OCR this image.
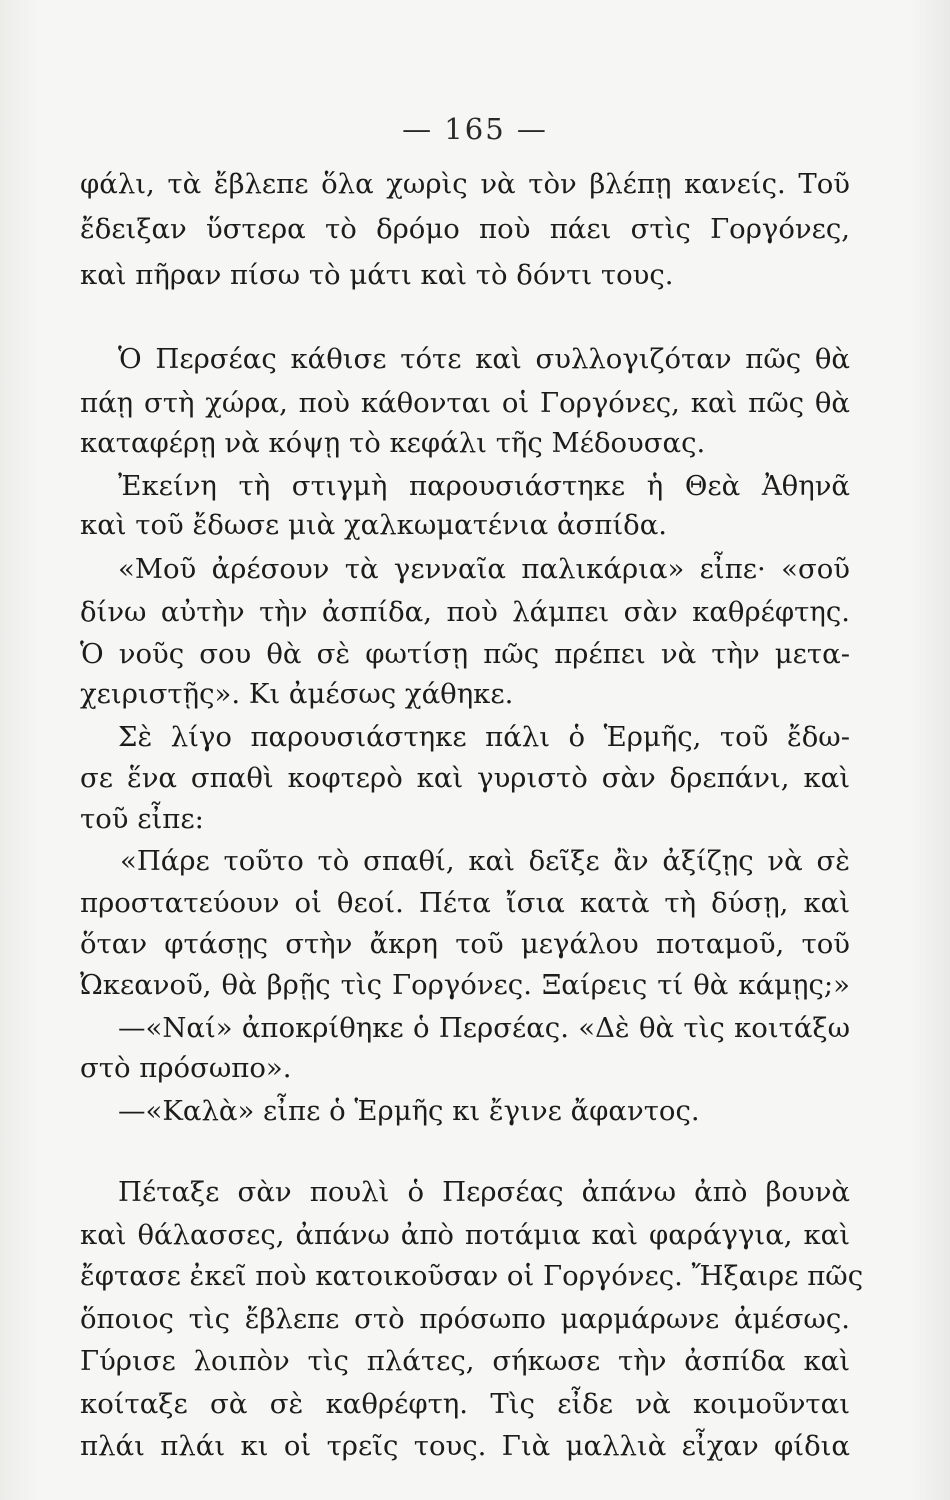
— 165 —
φάλι, τὰ ἔβλεπε ὅλα χωρὶς νὰ τὸν βλέπῃ κανείς. Τοῦ
ἔδειξαν ὕστερα τὸ δρόμο ποὺ πάει στὶς Γοργόνες,
καὶ πῆραν πίσω τὸ μάτι καὶ τὸ δόντι τους.
Ὁ Περσέας κάθισε τότε καὶ συλλογιζόταν πῶς θὰ
πάῃ στὴ χώρα, ποὺ κάθονται οἱ Γοργόνες, καὶ πῶς θὰ
καταφέρῃ νὰ κόψῃ τὸ κεφάλι τῆς Μέδουσας.
Ἐκείνη τὴ στιγμὴ παρουσιάστηκε ἡ Θεὰ Ἀθηνᾶ
καὶ τοῦ ἔδωσε μιὰ χαλκωματένια ἀσπίδα.
«Μοῦ ἀρέσουν τὰ γενναῖα παλικάρια» εἶπε· «σοῦ
δίνω αὐτὴν τὴν ἀσπίδα, ποὺ λάμπει σὰν καθρέφτης.
Ὁ νοῦς σου θὰ σὲ φωτίσῃ πῶς πρέπει νὰ τὴν μετα-
χειριστῇς». Κι ἀμέσως χάθηκε.
Σὲ λίγο παρουσιάστηκε πάλι ὁ Ἑρμῆς, τοῦ ἔδω-
σε ἕνα σπαθὶ κοφτερὸ καὶ γυριστὸ σὰν δρεπάνι, καὶ
τοῦ εἶπε:
«Πάρε τοῦτο τὸ σπαθί, καὶ δεῖξε ἂν ἀξίζῃς νὰ σὲ
προστατεύουν οἱ θεοί. Πέτα ἴσια κατὰ τὴ δύσῃ, καὶ
ὅταν φτάσῃς στὴν ἄκρη τοῦ μεγάλου ποταμοῦ, τοῦ
Ὠκεανοῦ, θὰ βρῇς τὶς Γοργόνες. Ξαίρεις τί θὰ κάμῃς;»
—«Ναί» ἀποκρίθηκε ὁ Περσέας. «Δὲ θὰ τὶς κοιτάξω
στὸ πρόσωπο».
—«Καλὰ» εἶπε ὁ Ἑρμῆς κι ἔγινε ἄφαντος.
Πέταξε σὰν πουλὶ ὁ Περσέας ἀπάνω ἀπὸ βουνὰ
καὶ θάλασσες, ἀπάνω ἀπὸ ποτάμια καὶ φαράγγια, καὶ
ἔφτασε ἐκεῖ ποὺ κατοικοῦσαν οἱ Γοργόνες. Ἤξαιρε πῶς
ὅποιος τὶς ἔβλεπε στὸ πρόσωπο μαρμάρωνε ἀμέσως.
Γύρισε λοιπὸν τὶς πλάτες, σήκωσε τὴν ἀσπίδα καὶ
κοίταξε σὰ σὲ καθρέφτη. Τὶς εἶδε νὰ κοιμοῦνται
πλάι πλάι κι οἱ τρεῖς τους. Γιὰ μαλλιὰ εἶχαν φίδια
